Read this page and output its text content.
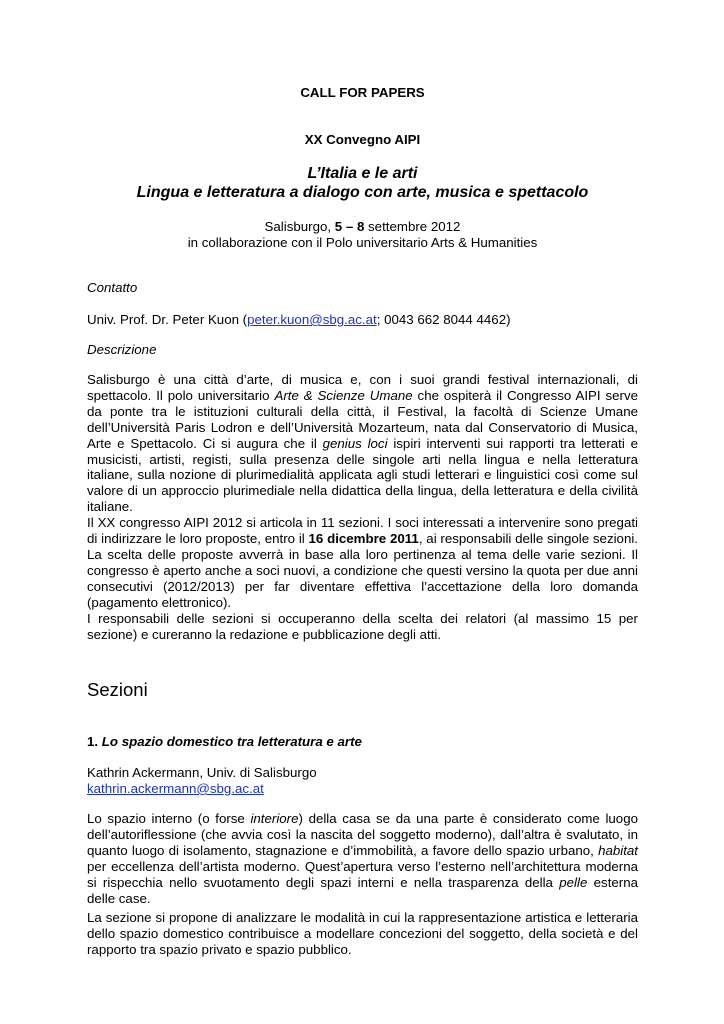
CALL FOR PAPERS
XX Convegno AIPI
L’Italia e le arti
Lingua e letteratura a dialogo con arte, musica e spettacolo
Salisburgo, 5 – 8 settembre 2012
in collaborazione con il Polo universitario Arts & Humanities
Contatto
Univ. Prof. Dr. Peter Kuon (peter.kuon@sbg.ac.at; 0043 662 8044 4462)
Descrizione

Salisburgo è una città d’arte, di musica e, con i suoi grandi festival internazionali, di spettacolo. Il polo universitario Arte & Scienze Umane che ospiterà il Congresso AIPI serve da ponte tra le istituzioni culturali della città, il Festival, la facoltà di Scienze Umane dell’Università Paris Lodron e dell’Università Mozarteum, nata dal Conservatorio di Musica, Arte e Spettacolo. Ci si augura che il genius loci ispiri interventi sui rapporti tra letterati e musicisti, artisti, registi, sulla presenza delle singole arti nella lingua e nella letteratura italiane, sulla nozione di plurimedialità applicata agli studi letterari e linguistici così come sul valore di un approccio plurimediale nella didattica della lingua, della letteratura e della civilità italiane.

Il XX congresso AIPI 2012 si articola in 11 sezioni. I soci interessati a intervenire sono pregati di indirizzare le loro proposte, entro il 16 dicembre 2011, ai responsabili delle singole sezioni. La scelta delle proposte avverrà in base alla loro pertinenza al tema delle varie sezioni. Il congresso è aperto anche a soci nuovi, a condizione che questi versino la quota per due anni consecutivi (2012/2013) per far diventare effettiva l’accettazione della loro domanda (pagamento elettronico).

I responsabili delle sezioni si occuperanno della scelta dei relatori (al massimo 15 per sezione) e cureranno la redazione e pubblicazione degli atti.

Sezioni
1. Lo spazio domestico tra letteratura e arte
Kathrin Ackermann, Univ. di Salisburgo
kathrin.ackermann@sbg.ac.at

Lo spazio interno (o forse interiore) della casa se da una parte è considerato come luogo dell’autoriflessione (che avvia così la nascita del soggetto moderno), dall’altra è svalutato, in quanto luogo di isolamento, stagnazione e d’immobilità, a favore dello spazio urbano, habitat per eccellenza dell’artista moderno. Quest’apertura verso l’esterno nell’architettura moderna si rispecchia nello svuotamento degli spazi interni e nella trasparenza della pelle esterna delle case.

La sezione si propone di analizzare le modalità in cui la rappresentazione artistica e letteraria dello spazio domestico contribuisce a modellare concezioni del soggetto, della società e del rapporto tra spazio privato e spazio pubblico.
